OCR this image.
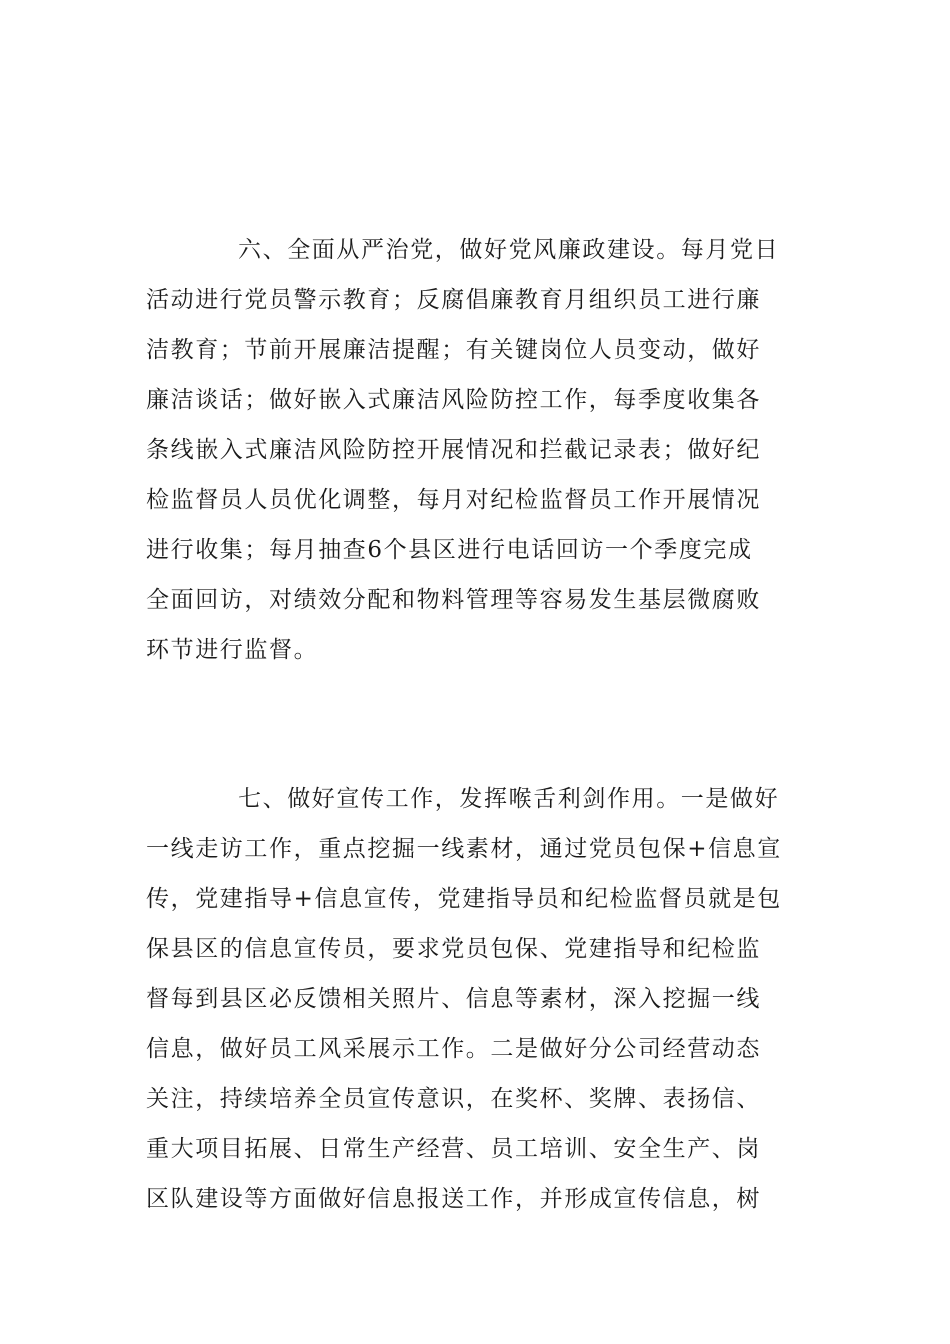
六、全面从严治党，做好党风廉政建设。每月党日
活动进行党员警示教育；反腐倡廉教育月组织员工进行廉
洁教育；节前开展廉洁提醒；有关键岗位人员变动，做好
廉洁谈话；做好嵌入式廉洁风险防控工作，每季度收集各
条线嵌入式廉洁风险防控开展情况和拦截记录表；做好纪
检监督员人员优化调整，每月对纪检监督员工作开展情况
进行收集；每月抽查6个县区进行电话回访一个季度完成
全面回访，对绩效分配和物料管理等容易发生基层微腐败
环节进行监督。
七、做好宣传工作，发挥喉舌利剑作用。一是做好
一线走访工作，重点挖掘一线素材，通过党员包保+信息宣
传，党建指导+信息宣传，党建指导员和纪检监督员就是包
保县区的信息宣传员，要求党员包保、党建指导和纪检监
督每到县区必反馈相关照片、信息等素材，深入挖掘一线
信息，做好员工风采展示工作。二是做好分公司经营动态
关注，持续培养全员宣传意识，在奖杯、奖牌、表扬信、
重大项目拓展、日常生产经营、员工培训、安全生产、岗
区队建设等方面做好信息报送工作，并形成宣传信息，树
